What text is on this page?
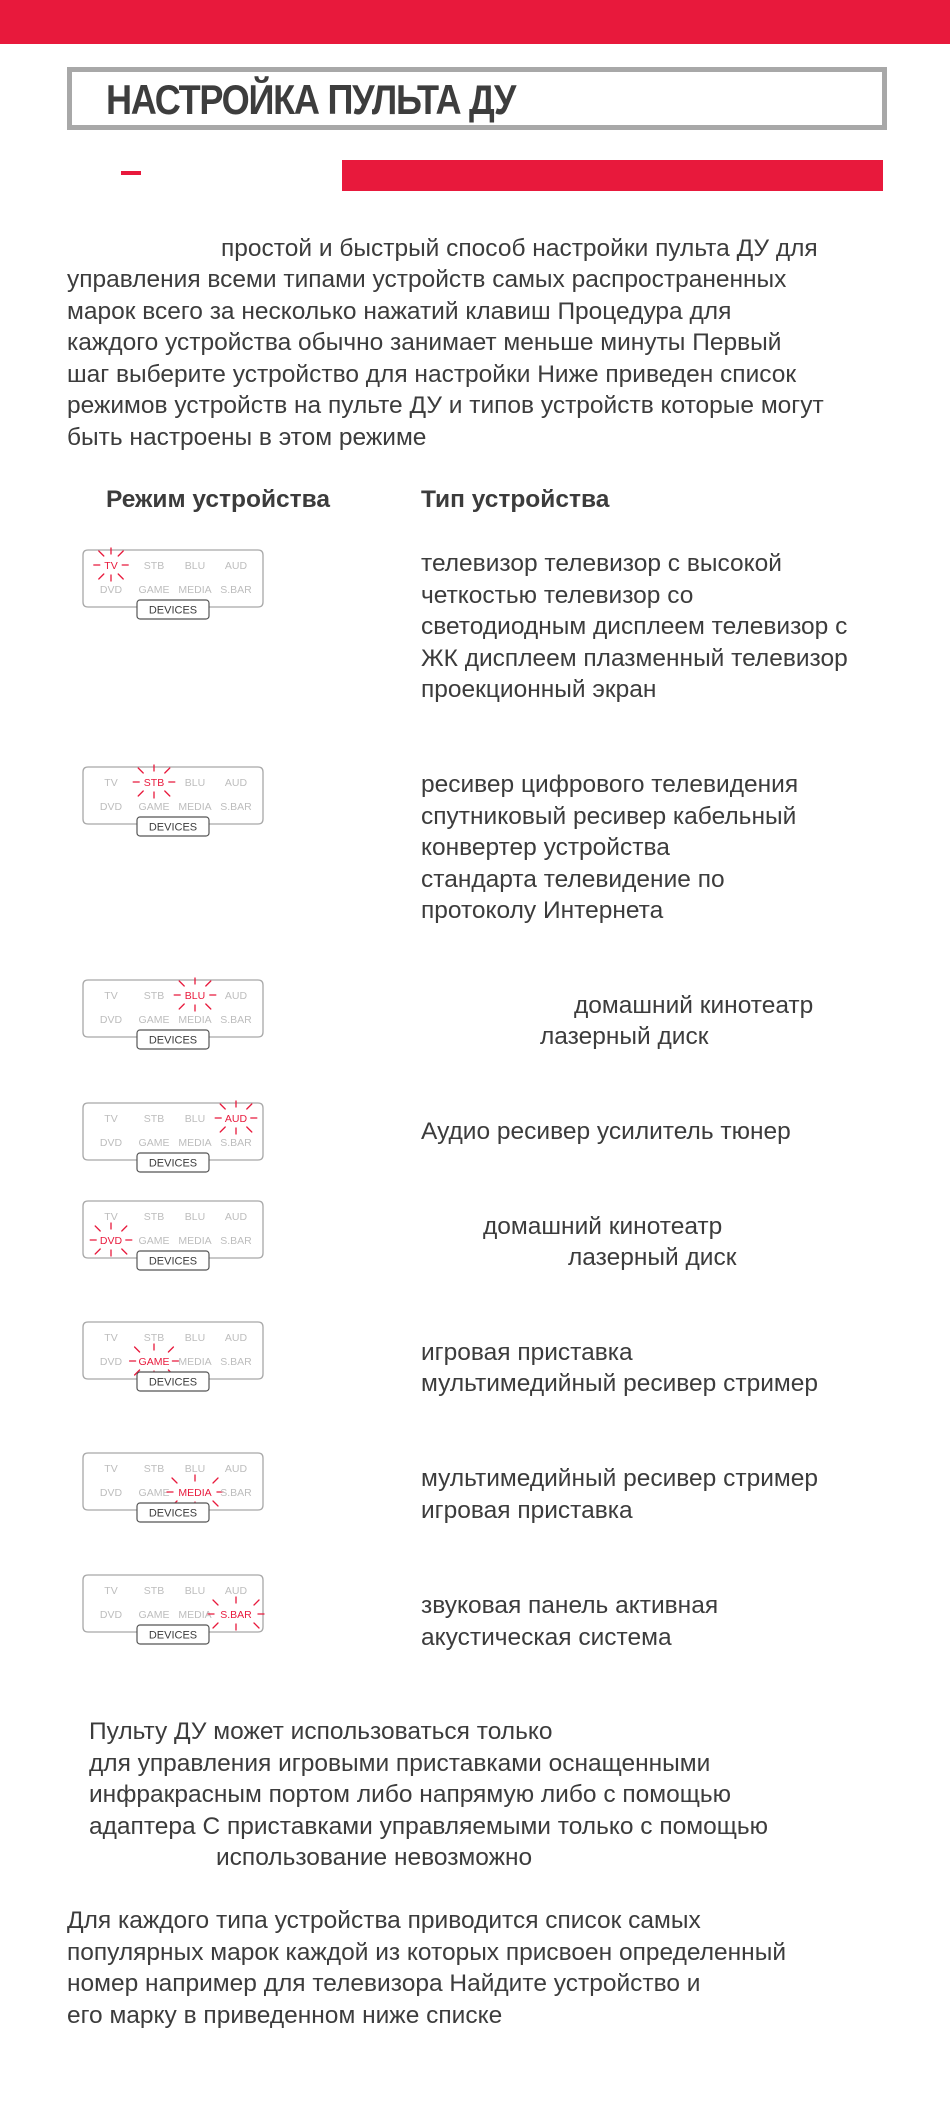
НАСТРОЙКА ПУЛЬТА ДУ
простой и быстрый способ настройки пульта ДУ для
управления всеми типами устройств самых распространенных
марок всего за несколько нажатий клавиш Процедура для
каждого устройства обычно занимает меньше минуты Первый
шаг выберите устройство для настройки Ниже приведен список
режимов устройств на пульте ДУ и типов устройств которые могут
быть настроены в этом режиме
Режим устройства	Тип устройства
TV STB BLU AUD
DVD GAME MEDIA S.BAR
DEVICES
TV STB BLU AUD
DVD GAME MEDIA S.BAR
DEVICES
TV STB BLU AUD
DVD GAME MEDIA S.BAR
DEVICES
TV STB BLU AUD
DVD GAME MEDIA S.BAR
DEVICES
TV STB BLU AUD
DVD GAME MEDIA S.BAR
DEVICES
TV STB BLU AUD
DVD GAME MEDIA S.BAR
DEVICES
TV STB BLU AUD
DVD GAME MEDIA S.BAR
DEVICES
TV STB BLU AUD
DVD GAME MEDIA S.BAR
DEVICES
телевизор телевизор с высокой
четкостью телевизор со
светодиодным дисплеем телевизор с
ЖК дисплеем плазменный телевизор
проекционный экран
ресивер цифрового телевидения
спутниковый ресивер кабельный
конвертер устройства
стандарта телевидение по
протоколу Интернета
домашний кинотеатр
лазерный диск
Аудио ресивер усилитель тюнер
домашний кинотеатр
лазерный диск
игровая приставка
мультимедийный ресивер стример
мультимедийный ресивер стример
игровая приставка
звуковая панель активная
акустическая система
Пульту ДУ может использоваться только
для управления игровыми приставками оснащенными
инфракрасным портом либо напрямую либо с помощью
адаптера С приставками управляемыми только с помощью
использование невозможно
Для каждого типа устройства приводится список самых
популярных марок каждой из которых присвоен определенный
номер например для телевизора Найдите устройство и
его марку в приведенном ниже списке
